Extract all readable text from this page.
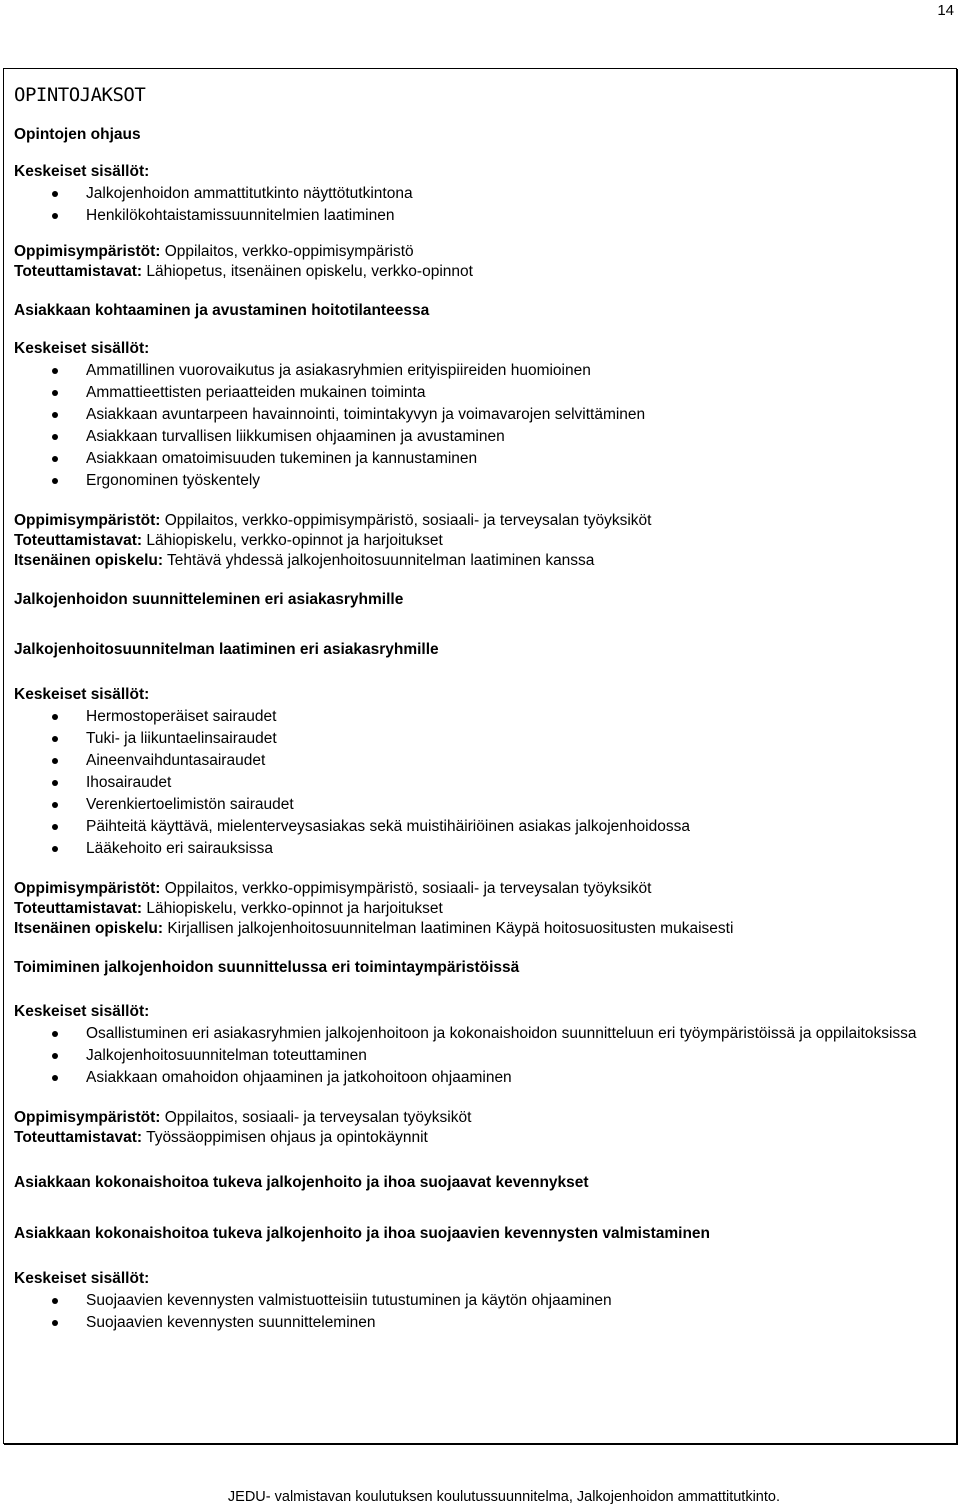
14
OPINTOJAKSOT
Opintojen ohjaus
Keskeiset sisällöt:
Jalkojenhoidon ammattitutkinto näyttötutkintona
Henkilökohtaistamissuunnitelmien laatiminen
Oppimisympäristöt: Oppilaitos, verkko-oppimisympäristö
Toteuttamistavat: Lähiopetus, itsenäinen opiskelu, verkko-opinnot
Asiakkaan kohtaaminen ja avustaminen hoitotilanteessa
Keskeiset sisällöt:
Ammatillinen vuorovaikutus ja asiakasryhmien erityispiireiden huomioinen
Ammattieettisten periaatteiden mukainen toiminta
Asiakkaan avuntarpeen havainnointi, toimintakyvyn ja voimavarojen selvittäminen
Asiakkaan turvallisen liikkumisen ohjaaminen ja avustaminen
Asiakkaan omatoimisuuden tukeminen ja kannustaminen
Ergonominen työskentely
Oppimisympäristöt: Oppilaitos, verkko-oppimisympäristö, sosiaali- ja terveysalan työyksiköt
Toteuttamistavat: Lähiopiskelu, verkko-opinnot ja harjoitukset
Itsenäinen opiskelu: Tehtävä yhdessä jalkojenhoitosuunnitelman laatiminen kanssa
Jalkojenhoidon suunnitteleminen eri asiakasryhmille
Jalkojenhoitosuunnitelman laatiminen eri asiakasryhmille
Keskeiset sisällöt:
Hermostoperäiset sairaudet
Tuki- ja liikuntaelinsairaudet
Aineenvaihduntasairaudet
Ihosairaudet
Verenkiertoelimistön sairaudet
Päihteitä käyttävä, mielenterveysasiakas sekä muistihäiriöinen asiakas jalkojenhoidossa
Lääkehoito eri sairauksissa
Oppimisympäristöt: Oppilaitos, verkko-oppimisympäristö, sosiaali- ja terveysalan työyksiköt
Toteuttamistavat: Lähiopiskelu, verkko-opinnot ja harjoitukset
Itsenäinen opiskelu: Kirjallisen jalkojenhoitosuunnitelman laatiminen Käypä hoitosuositusten mukaisesti
Toimiminen jalkojenhoidon suunnittelussa eri toimintaympäristöissä
Keskeiset sisällöt:
Osallistuminen eri asiakasryhmien jalkojenhoitoon ja kokonaishoidon suunnitteluun eri työympäristöissä ja oppilaitoksissa
Jalkojenhoitosuunnitelman toteuttaminen
Asiakkaan omahoidon ohjaaminen ja jatkohoitoon ohjaaminen
Oppimisympäristöt: Oppilaitos, sosiaali- ja terveysalan työyksiköt
Toteuttamistavat: Työssäoppimisen ohjaus ja opintokäynnit
Asiakkaan kokonaishoitoa tukeva jalkojenhoito ja ihoa suojaavat kevennykset
Asiakkaan kokonaishoitoa tukeva jalkojenhoito ja ihoa suojaavien kevennysten valmistaminen
Keskeiset sisällöt:
Suojaavien kevennysten valmistuotteisiin tutustuminen ja käytön ohjaaminen
Suojaavien kevennysten suunnitteleminen
JEDU- valmistavan koulutuksen koulutussuunnitelma, Jalkojenhoidon ammattitutkinto.
